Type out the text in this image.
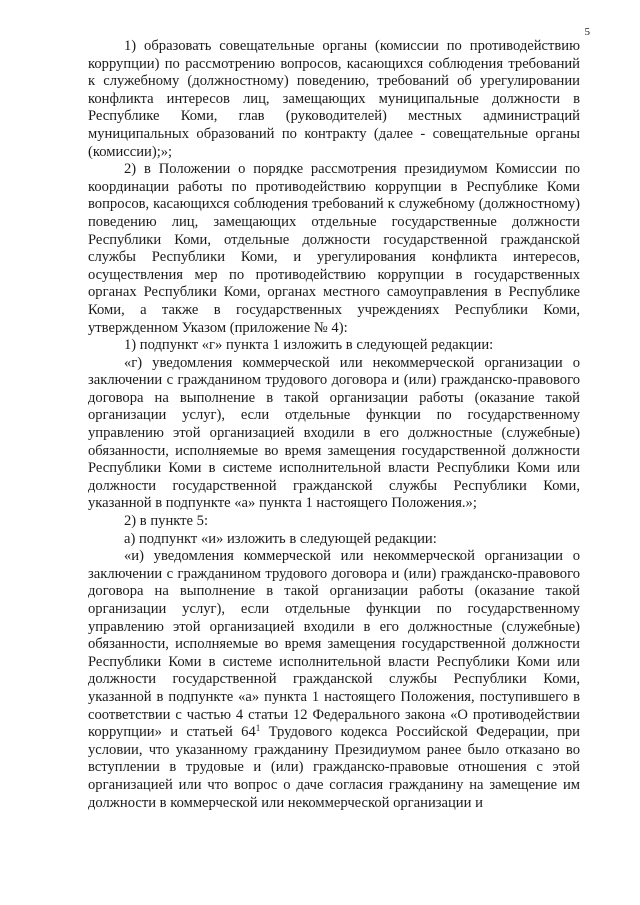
5

1) образовать совещательные органы (комиссии по противодействию коррупции) по рассмотрению вопросов, касающихся соблюдения требований к служебному (должностному) поведению, требований об урегулировании конфликта интересов лиц, замещающих муниципальные должности в Республике Коми, глав (руководителей) местных администраций муниципальных образований по контракту (далее - совещательные органы (комиссии);»;

2) в Положении о порядке рассмотрения президиумом Комиссии по координации работы по противодействию коррупции в Республике Коми вопросов, касающихся соблюдения требований к служебному (должностному) поведению лиц, замещающих отдельные государственные должности Республики Коми, отдельные должности государственной гражданской службы Республики Коми, и урегулирования конфликта интересов, осуществления мер по противодействию коррупции в государственных органах Республики Коми, органах местного самоуправления в Республике Коми, а также в государственных учреждениях Республики Коми, утвержденном Указом (приложение № 4):

1) подпункт «г» пункта 1 изложить в следующей редакции:

«г) уведомления коммерческой или некоммерческой организации о заключении с гражданином трудового договора и (или) гражданско-правового договора на выполнение в такой организации работы (оказание такой организации услуг), если отдельные функции по государственному управлению этой организацией входили в его должностные (служебные) обязанности, исполняемые во время замещения государственной должности Республики Коми в системе исполнительной власти Республики Коми или должности государственной гражданской службы Республики Коми, указанной в подпункте «а» пункта 1 настоящего Положения.»;

2) в пункте 5:

а) подпункт «и» изложить в следующей редакции:

«и) уведомления коммерческой или некоммерческой организации о заключении с гражданином трудового договора и (или) гражданско-правового договора на выполнение в такой организации работы (оказание такой организации услуг), если отдельные функции по государственному управлению этой организацией входили в его должностные (служебные) обязанности, исполняемые во время замещения государственной должности Республики Коми в системе исполнительной власти Республики Коми или должности государственной гражданской службы Республики Коми, указанной в подпункте «а» пункта 1 настоящего Положения, поступившего в соответствии с частью 4 статьи 12 Федерального закона «О противодействии коррупции» и статьей $64^1$ Трудового кодекса Российской Федерации, при условии, что указанному гражданину Президиумом ранее было отказано во вступлении в трудовые и (или) гражданско-правовые отношения с этой организацией или что вопрос о даче согласия гражданину на замещение им должности в коммерческой или некоммерческой организации и
